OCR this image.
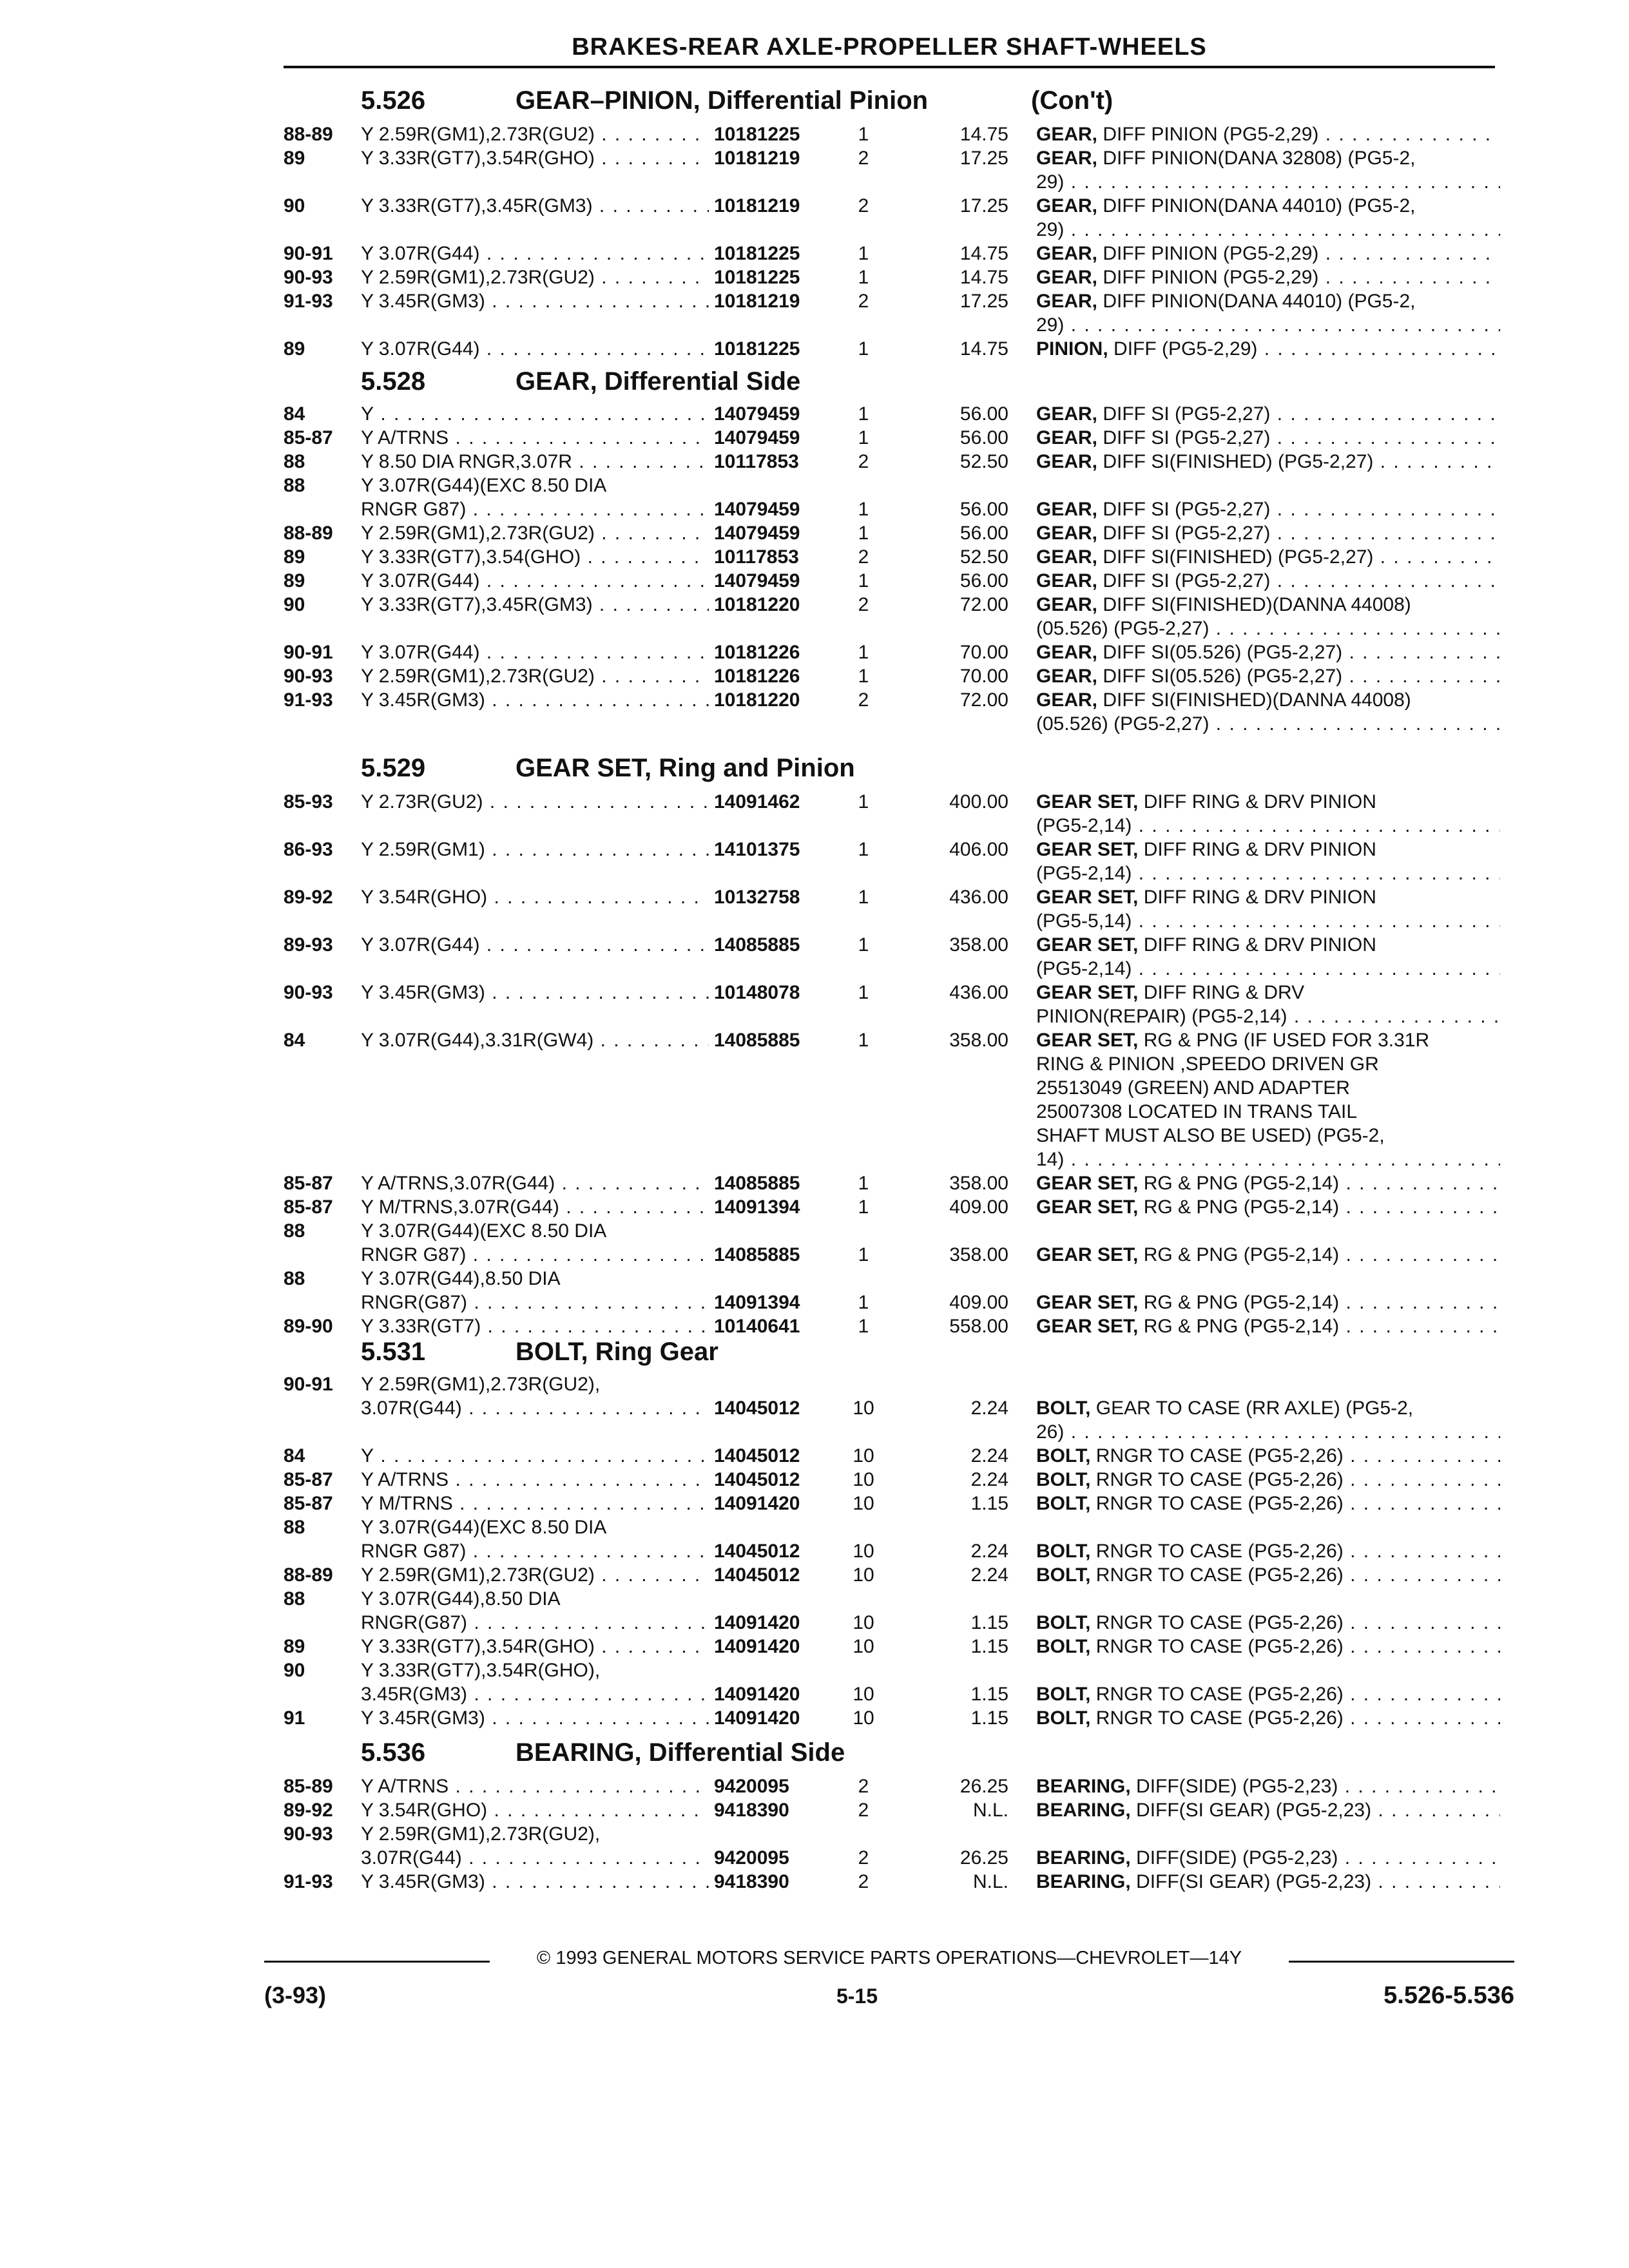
BRAKES-REAR AXLE-PROPELLER SHAFT-WHEELS
5.526	GEAR–PINION, Differential Pinion	(Con't)
5.528	GEAR, Differential Side
5.529	GEAR SET, Ring and Pinion
5.531	BOLT, Ring Gear
5.536	BEARING, Differential Side
88-89	Y 2.59R(GM1),2.73R(GU2) . . .	10181225	1	14.75 GEAR, DIFF PINION (PG5-2,29) . . .
89	Y 3.33R(GT7),3.54R(GHO) . . .	10181219	2	17.25 GEAR, DIFF PINION(DANA 32808) (PG5-2,
29) . . .
90	Y 3.33R(GT7),3.45R(GM3) . . .	10181219	2	17.25 GEAR, DIFF PINION(DANA 44010) (PG5-2,
29) . . .
90-91	Y 3.07R(G44) . . .	10181225	1	14.75 GEAR, DIFF PINION (PG5-2,29) . . .
90-93	Y 2.59R(GM1),2.73R(GU2) . . .	10181225	1	14.75 GEAR, DIFF PINION (PG5-2,29) . . .
91-93	Y 3.45R(GM3) . . .	10181219	2	17.25 GEAR, DIFF PINION(DANA 44010) (PG5-2,
29) . . .
89	Y 3.07R(G44) . . .	10181225	1	14.75 PINION, DIFF (PG5-2,29) . . .
84	Y . . .	14079459	1	56.00 GEAR, DIFF SI (PG5-2,27) . . .
85-87	Y A/TRNS . . .	14079459	1	56.00 GEAR, DIFF SI (PG5-2,27) . . .
88	Y 8.50 DIA RNGR,3.07R . . .	10117853	2	52.50 GEAR, DIFF SI(FINISHED) (PG5-2,27) . . .
88	Y 3.07R(G44)(EXC 8.50 DIA
RNGR G87) . . .	14079459	1	56.00 GEAR, DIFF SI (PG5-2,27) . . .
88-89	Y 2.59R(GM1),2.73R(GU2) . . .	14079459	1	56.00 GEAR, DIFF SI (PG5-2,27) . . .
89	Y 3.33R(GT7),3.54(GHO) . . .	10117853	2	52.50 GEAR, DIFF SI(FINISHED) (PG5-2,27) . . .
89	Y 3.07R(G44) . . .	14079459	1	56.00 GEAR, DIFF SI (PG5-2,27) . . .
90	Y 3.33R(GT7),3.45R(GM3) . . .	10181220	2	72.00 GEAR, DIFF SI(FINISHED)(DANNA 44008)
(05.526) (PG5-2,27) . . .
90-91	Y 3.07R(G44) . . .	10181226	1	70.00 GEAR, DIFF SI(05.526) (PG5-2,27) . . .
90-93	Y 2.59R(GM1),2.73R(GU2) . . .	10181226	1	70.00 GEAR, DIFF SI(05.526) (PG5-2,27) . . .
91-93	Y 3.45R(GM3) . . .	10181220	2	72.00 GEAR, DIFF SI(FINISHED)(DANNA 44008)
(05.526) (PG5-2,27) . . .
85-93	Y 2.73R(GU2) . . .	14091462	1	400.00 GEAR SET, DIFF RING & DRV PINION
(PG5-2,14) . . .
86-93	Y 2.59R(GM1) . . .	14101375	1	406.00 GEAR SET, DIFF RING & DRV PINION
(PG5-2,14) . . .
89-92	Y 3.54R(GHO) . . .	10132758	1	436.00 GEAR SET, DIFF RING & DRV PINION
(PG5-5,14) . . .
89-93	Y 3.07R(G44) . . .	14085885	1	358.00 GEAR SET, DIFF RING & DRV PINION
(PG5-2,14) . . .
90-93	Y 3.45R(GM3) . . .	10148078	1	436.00 GEAR SET, DIFF RING & DRV
PINION(REPAIR) (PG5-2,14) . . .
84	Y 3.07R(G44),3.31R(GW4) . . .	14085885	1	358.00 GEAR SET, RG & PNG (IF USED FOR 3.31R
RING & PINION ,SPEEDO DRIVEN GR
25513049 (GREEN) AND ADAPTER
25007308 LOCATED IN TRANS TAIL
SHAFT MUST ALSO BE USED) (PG5-2,
14) . . .
85-87	Y A/TRNS,3.07R(G44) . . .	14085885	1	358.00 GEAR SET, RG & PNG (PG5-2,14) . . .
85-87	Y M/TRNS,3.07R(G44) . . .	14091394	1	409.00 GEAR SET, RG & PNG (PG5-2,14) . . .
88	Y 3.07R(G44)(EXC 8.50 DIA
RNGR G87) . . .	14085885	1	358.00 GEAR SET, RG & PNG (PG5-2,14) . . .
88	Y 3.07R(G44),8.50 DIA
RNGR(G87) . . .	14091394	1	409.00 GEAR SET, RG & PNG (PG5-2,14) . . .
89-90	Y 3.33R(GT7) . . .	10140641	1	558.00 GEAR SET, RG & PNG (PG5-2,14) . . .
90-91	Y 2.59R(GM1),2.73R(GU2),
3.07R(G44) . . .	14045012	10	2.24 BOLT, GEAR TO CASE (RR AXLE) (PG5-2,
26) . . .
84	Y . . .	14045012	10	2.24 BOLT, RNGR TO CASE (PG5-2,26) . . .
85-87	Y A/TRNS . . .	14045012	10	2.24 BOLT, RNGR TO CASE (PG5-2,26) . . .
85-87	Y M/TRNS . . .	14091420	10	1.15 BOLT, RNGR TO CASE (PG5-2,26) . . .
88	Y 3.07R(G44)(EXC 8.50 DIA
RNGR G87) . . .	14045012	10	2.24 BOLT, RNGR TO CASE (PG5-2,26) . . .
88-89	Y 2.59R(GM1),2.73R(GU2) . . .	14045012	10	2.24 BOLT, RNGR TO CASE (PG5-2,26) . . .
88	Y 3.07R(G44),8.50 DIA
RNGR(G87) . . .	14091420	10	1.15 BOLT, RNGR TO CASE (PG5-2,26) . . .
89	Y 3.33R(GT7),3.54R(GHO) . . .	14091420	10	1.15 BOLT, RNGR TO CASE (PG5-2,26) . . .
90	Y 3.33R(GT7),3.54R(GHO),
3.45R(GM3) . . .	14091420	10	1.15 BOLT, RNGR TO CASE (PG5-2,26) . . .
91	Y 3.45R(GM3) . . .	14091420	10	1.15 BOLT, RNGR TO CASE (PG5-2,26) . . .
85-89	Y A/TRNS . . .	9420095	2	26.25 BEARING, DIFF(SIDE) (PG5-2,23) . . .
89-92	Y 3.54R(GHO) . . .	9418390	2	N.L. BEARING, DIFF(SI GEAR) (PG5-2,23) . . .
90-93	Y 2.59R(GM1),2.73R(GU2),
3.07R(G44) . . .	9420095	2	26.25 BEARING, DIFF(SIDE) (PG5-2,23) . . .
91-93	Y 3.45R(GM3) . . .	9418390	2	N.L. BEARING, DIFF(SI GEAR) (PG5-2,23) . . .
© 1993 GENERAL MOTORS SERVICE PARTS OPERATIONS—CHEVROLET—14Y
(3-93)	5-15	5.526-5.536
